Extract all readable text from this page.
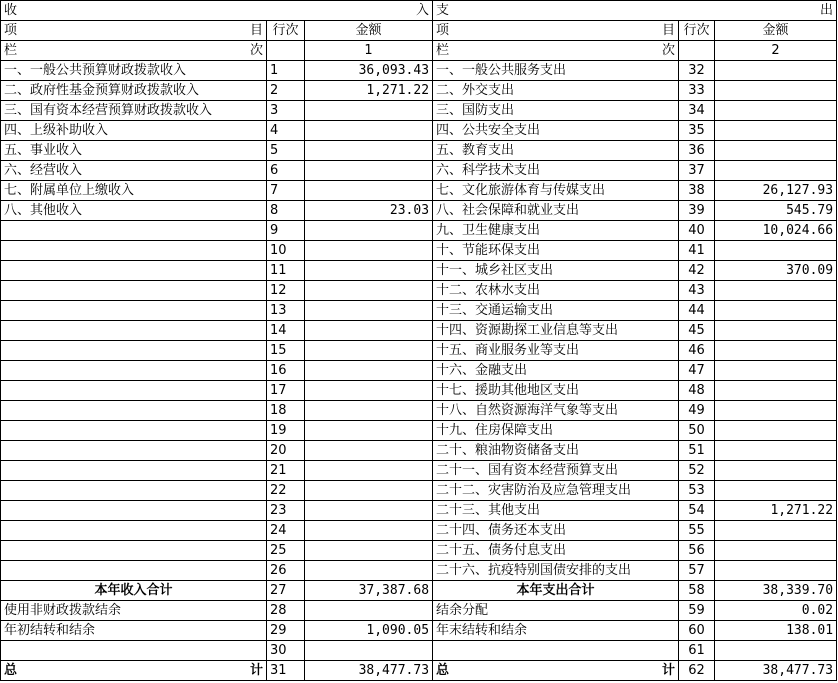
收 入			支 出		

项 目	行次	金额	项 目	行次	金额

栏 次		1	栏 次		2
一、一般公共预算财政拨款收入	1	36,093.43	一、一般公共服务支出	32	
二、政府性基金预算财政拨款收入	2	1,271.22	二、外交支出	33	
三、国有资本经营预算财政拨款收入	3		三、国防支出	34	
四、上级补助收入	4		四、公共安全支出	35	
五、事业收入	5		五、教育支出	36	
六、经营收入	6		六、科学技术支出	37	
七、附属单位上缴收入	7		七、文化旅游体育与传媒支出	38	26,127.93
八、其他收入	8	23.03	八、社会保障和就业支出	39	545.79
	9		九、卫生健康支出	40	10,024.66
	10		十、节能环保支出	41	
	11		十一、城乡社区支出	42	370.09
	12		十二、农林水支出	43	
	13		十三、交通运输支出	44	
	14		十四、资源勘探工业信息等支出	45	
	15		十五、商业服务业等支出	46	
	16		十六、金融支出	47	
	17		十七、援助其他地区支出	48	
	18		十八、自然资源海洋气象等支出	49	
	19		十九、住房保障支出	50	
	20		二十、粮油物资储备支出	51	
	21		二十一、国有资本经营预算支出	52	
	22		二十二、灾害防治及应急管理支出	53	
	23		二十三、其他支出	54	1,271.22
	24		二十四、债务还本支出	55	
	25		二十五、债务付息支出	56	
	26		二十六、抗疫特别国债安排的支出	57	
本年收入合计	27	37,387.68	本年支出合计	58	38,339.70
使用非财政拨款结余	28		结余分配	59	0.02
年初结转和结余	29	1,090.05	年末结转和结余	60	138.01
	30			61	

总 计	31	38,477.73	总 计	62	38,477.73
